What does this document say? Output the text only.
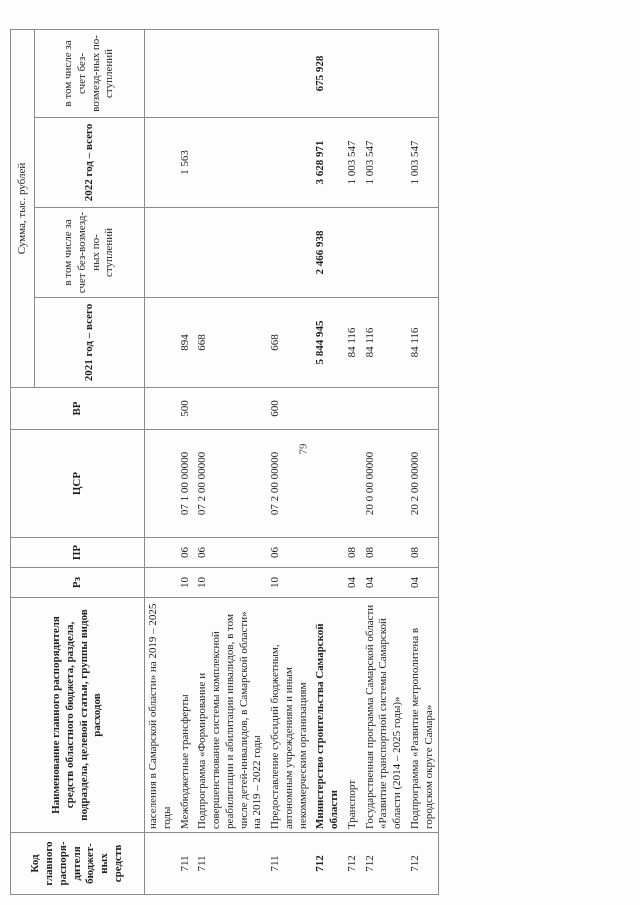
79
Код главного распоря-дителя бюджет-ных средств	Наименование главного распорядителя средств областного бюджета, раздела, подраздела, целевой статьи, группы видов расходов	Рз	ПР	ЦСР	ВР	Сумма, тыс. рублей			
						2021 год – всего	в том числе за счет без-возмезд-ных по-ступлений	2022 год – всего	в том числе за счет без-возмезд-ных по-ступлений
	населения в Самарской области» на 2019 – 2025 годы								
711	Межбюджетные трансферты	10	06	07 1 00 00000	500	894		1 563	
711	Подпрограмма «Формирование и совершенствование системы комплексной реабилитации и абилитации инвалидов, в том числе детей-инвалидов, в Самарской области» на 2019 – 2022 годы	10	06	07 2 00 00000		668			
711	Предоставление субсидий бюджетным, автономным учреждениям и иным некоммерческим организациям	10	06	07 2 00 00000	600	668			
712	Министерство строительства Самарской области					5 844 945	2 466 938	3 628 971	675 928
712	Транспорт	04	08			84 116		1 003 547	
712	Государственная программа Самарской области «Развитие транспортной системы Самарской области (2014 – 2025 годы)»	04	08	20 0 00 00000		84 116		1 003 547	
712	Подпрограмма «Развитие метрополитена в городском округе Самара»	04	08	20 2 00 00000		84 116		1 003 547	
